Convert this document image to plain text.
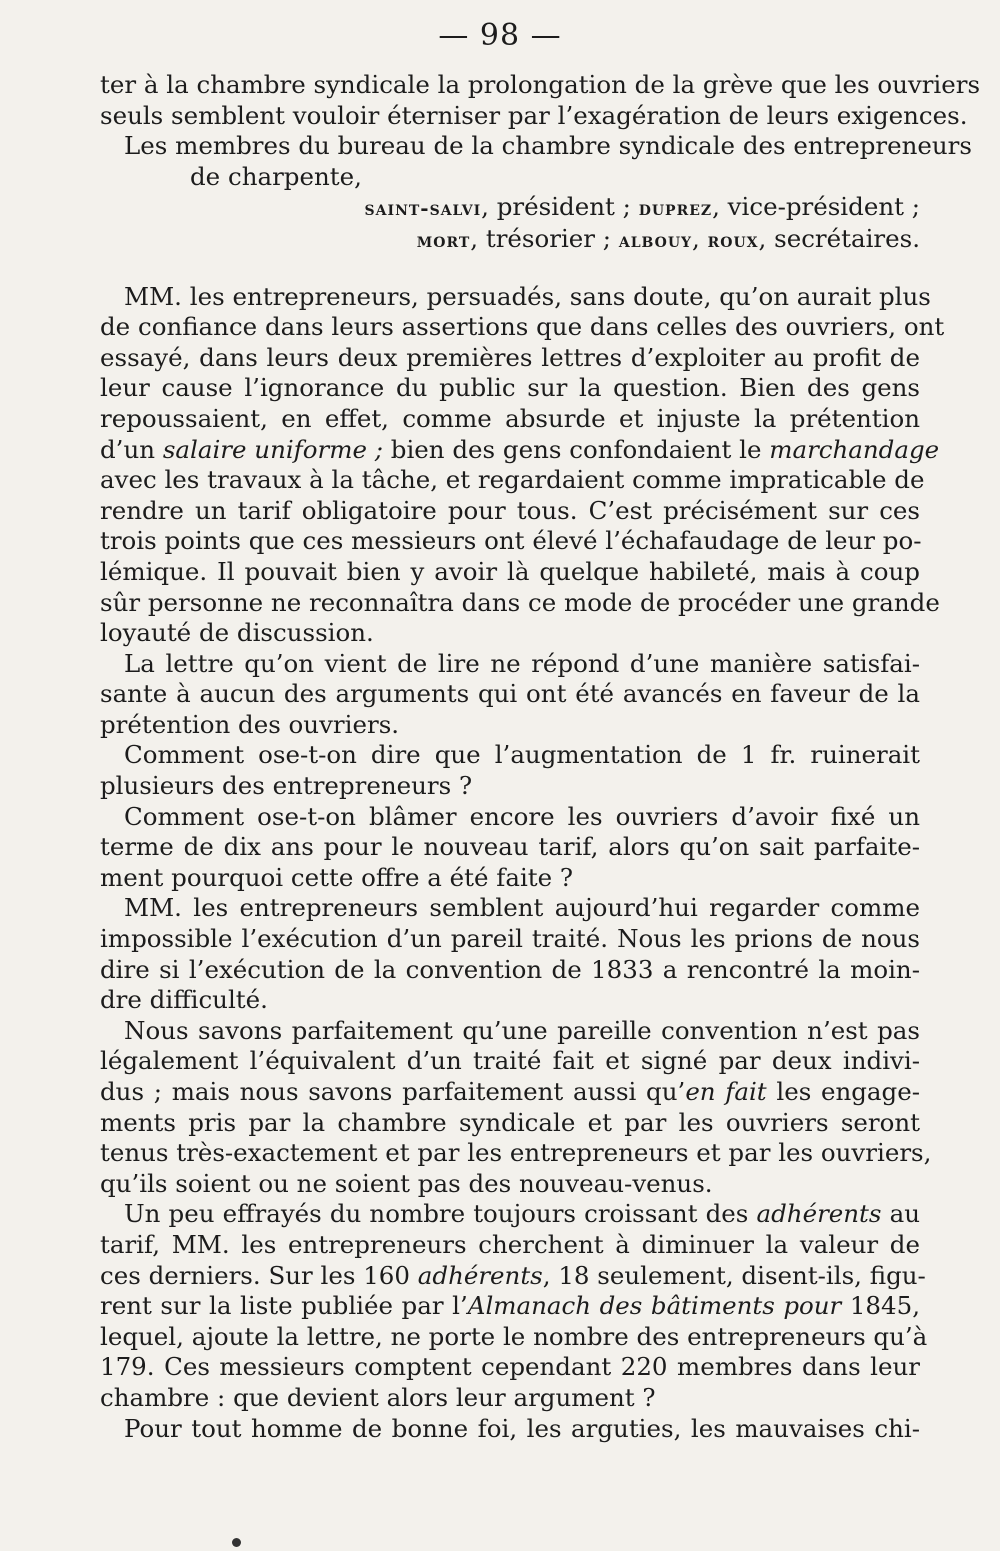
— 98 —
ter à la chambre syndicale la prolongation de la grève que les ouvriers
seuls semblent vouloir éterniser par l’exagération de leurs exigences.
Les membres du bureau de la chambre syndicale des entrepreneurs
de charpente,
saint-salvi, président ; duprez, vice-président ;
mort, trésorier ; albouy, roux, secrétaires.
MM. les entrepreneurs, persuadés, sans doute, qu’on aurait plus
de confiance dans leurs assertions que dans celles des ouvriers, ont
essayé, dans leurs deux premières lettres d’exploiter au profit de
leur cause l’ignorance du public sur la question. Bien des gens
repoussaient, en effet, comme absurde et injuste la prétention
d’un salaire uniforme ; bien des gens confondaient le marchandage
avec les travaux à la tâche, et regardaient comme impraticable de
rendre un tarif obligatoire pour tous. C’est précisément sur ces
trois points que ces messieurs ont élevé l’échafaudage de leur po-
lémique. Il pouvait bien y avoir là quelque habileté, mais à coup
sûr personne ne reconnaîtra dans ce mode de procéder une grande
loyauté de discussion.
La lettre qu’on vient de lire ne répond d’une manière satisfai-
sante à aucun des arguments qui ont été avancés en faveur de la
prétention des ouvriers.
Comment ose-t-on dire que l’augmentation de 1 fr. ruinerait
plusieurs des entrepreneurs ?
Comment ose-t-on blâmer encore les ouvriers d’avoir fixé un
terme de dix ans pour le nouveau tarif, alors qu’on sait parfaite-
ment pourquoi cette offre a été faite ?
MM. les entrepreneurs semblent aujourd’hui regarder comme
impossible l’exécution d’un pareil traité. Nous les prions de nous
dire si l’exécution de la convention de 1833 a rencontré la moin-
dre difficulté.
Nous savons parfaitement qu’une pareille convention n’est pas
légalement l’équivalent d’un traité fait et signé par deux indivi-
dus ; mais nous savons parfaitement aussi qu’en fait les engage-
ments pris par la chambre syndicale et par les ouvriers seront
tenus très-exactement et par les entrepreneurs et par les ouvriers,
qu’ils soient ou ne soient pas des nouveau-venus.
Un peu effrayés du nombre toujours croissant des adhérents au
tarif, MM. les entrepreneurs cherchent à diminuer la valeur de
ces derniers. Sur les 160 adhérents, 18 seulement, disent-ils, figu-
rent sur la liste publiée par l’Almanach des bâtiments pour 1845,
lequel, ajoute la lettre, ne porte le nombre des entrepreneurs qu’à
179. Ces messieurs comptent cependant 220 membres dans leur
chambre : que devient alors leur argument ?
Pour tout homme de bonne foi, les arguties, les mauvaises chi-
